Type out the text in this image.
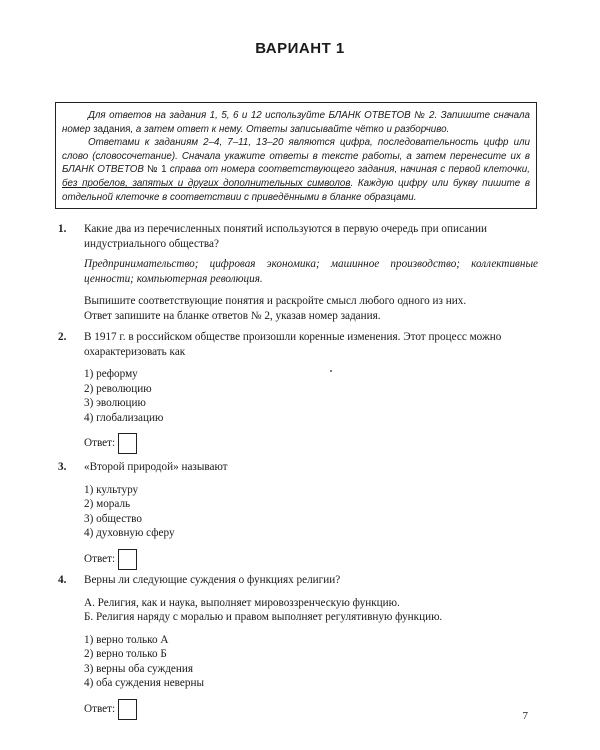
ВАРИАНТ 1

Для ответов на задания 1, 5, 6 и 12 используйте БЛАНК ОТВЕТОВ № 2. Запишите сначала номер задания, а затем ответ к нему. Ответы записывайте чётко и разборчиво.

Ответами к заданиям 2–4, 7–11, 13–20 являются цифра, последовательность цифр или слово (словосочетание). Сначала укажите ответы в тексте работы, а затем перенесите их в БЛАНК ОТВЕТОВ № 1 справа от номера соответствующего задания, начиная с первой клеточки, без пробелов, запятых и других дополнительных символов. Каждую цифру или букву пишите в отдельной клеточке в соответствии с приведёнными в бланке образцами.

1. Какие два из перечисленных понятий используются в первую очередь при описании индустриального общества?

Предпринимательство; цифровая экономика; машинное производство; коллективные ценности; компьютерная революция.

Выпишите соответствующие понятия и раскройте смысл любого одного из них.

Ответ запишите на бланке ответов № 2, указав номер задания.

2. В 1917 г. в российском обществе произошли коренные изменения. Этот процесс можно охарактеризовать как

1) реформу
2) революцию
3) эволюцию
4) глобализацию
Ответ:
3. «Второй природой» называют

1) культуру
2) мораль
3) общество
4) духовную сферу
Ответ:
4. Верны ли следующие суждения о функциях религии?

А. Религия, как и наука, выполняет мировоззренческую функцию.

Б. Религия наряду с моралью и правом выполняет регулятивную функцию.

1) верно только А
2) верно только Б
3) верны оба суждения
4) оба суждения неверны
Ответ:
7
